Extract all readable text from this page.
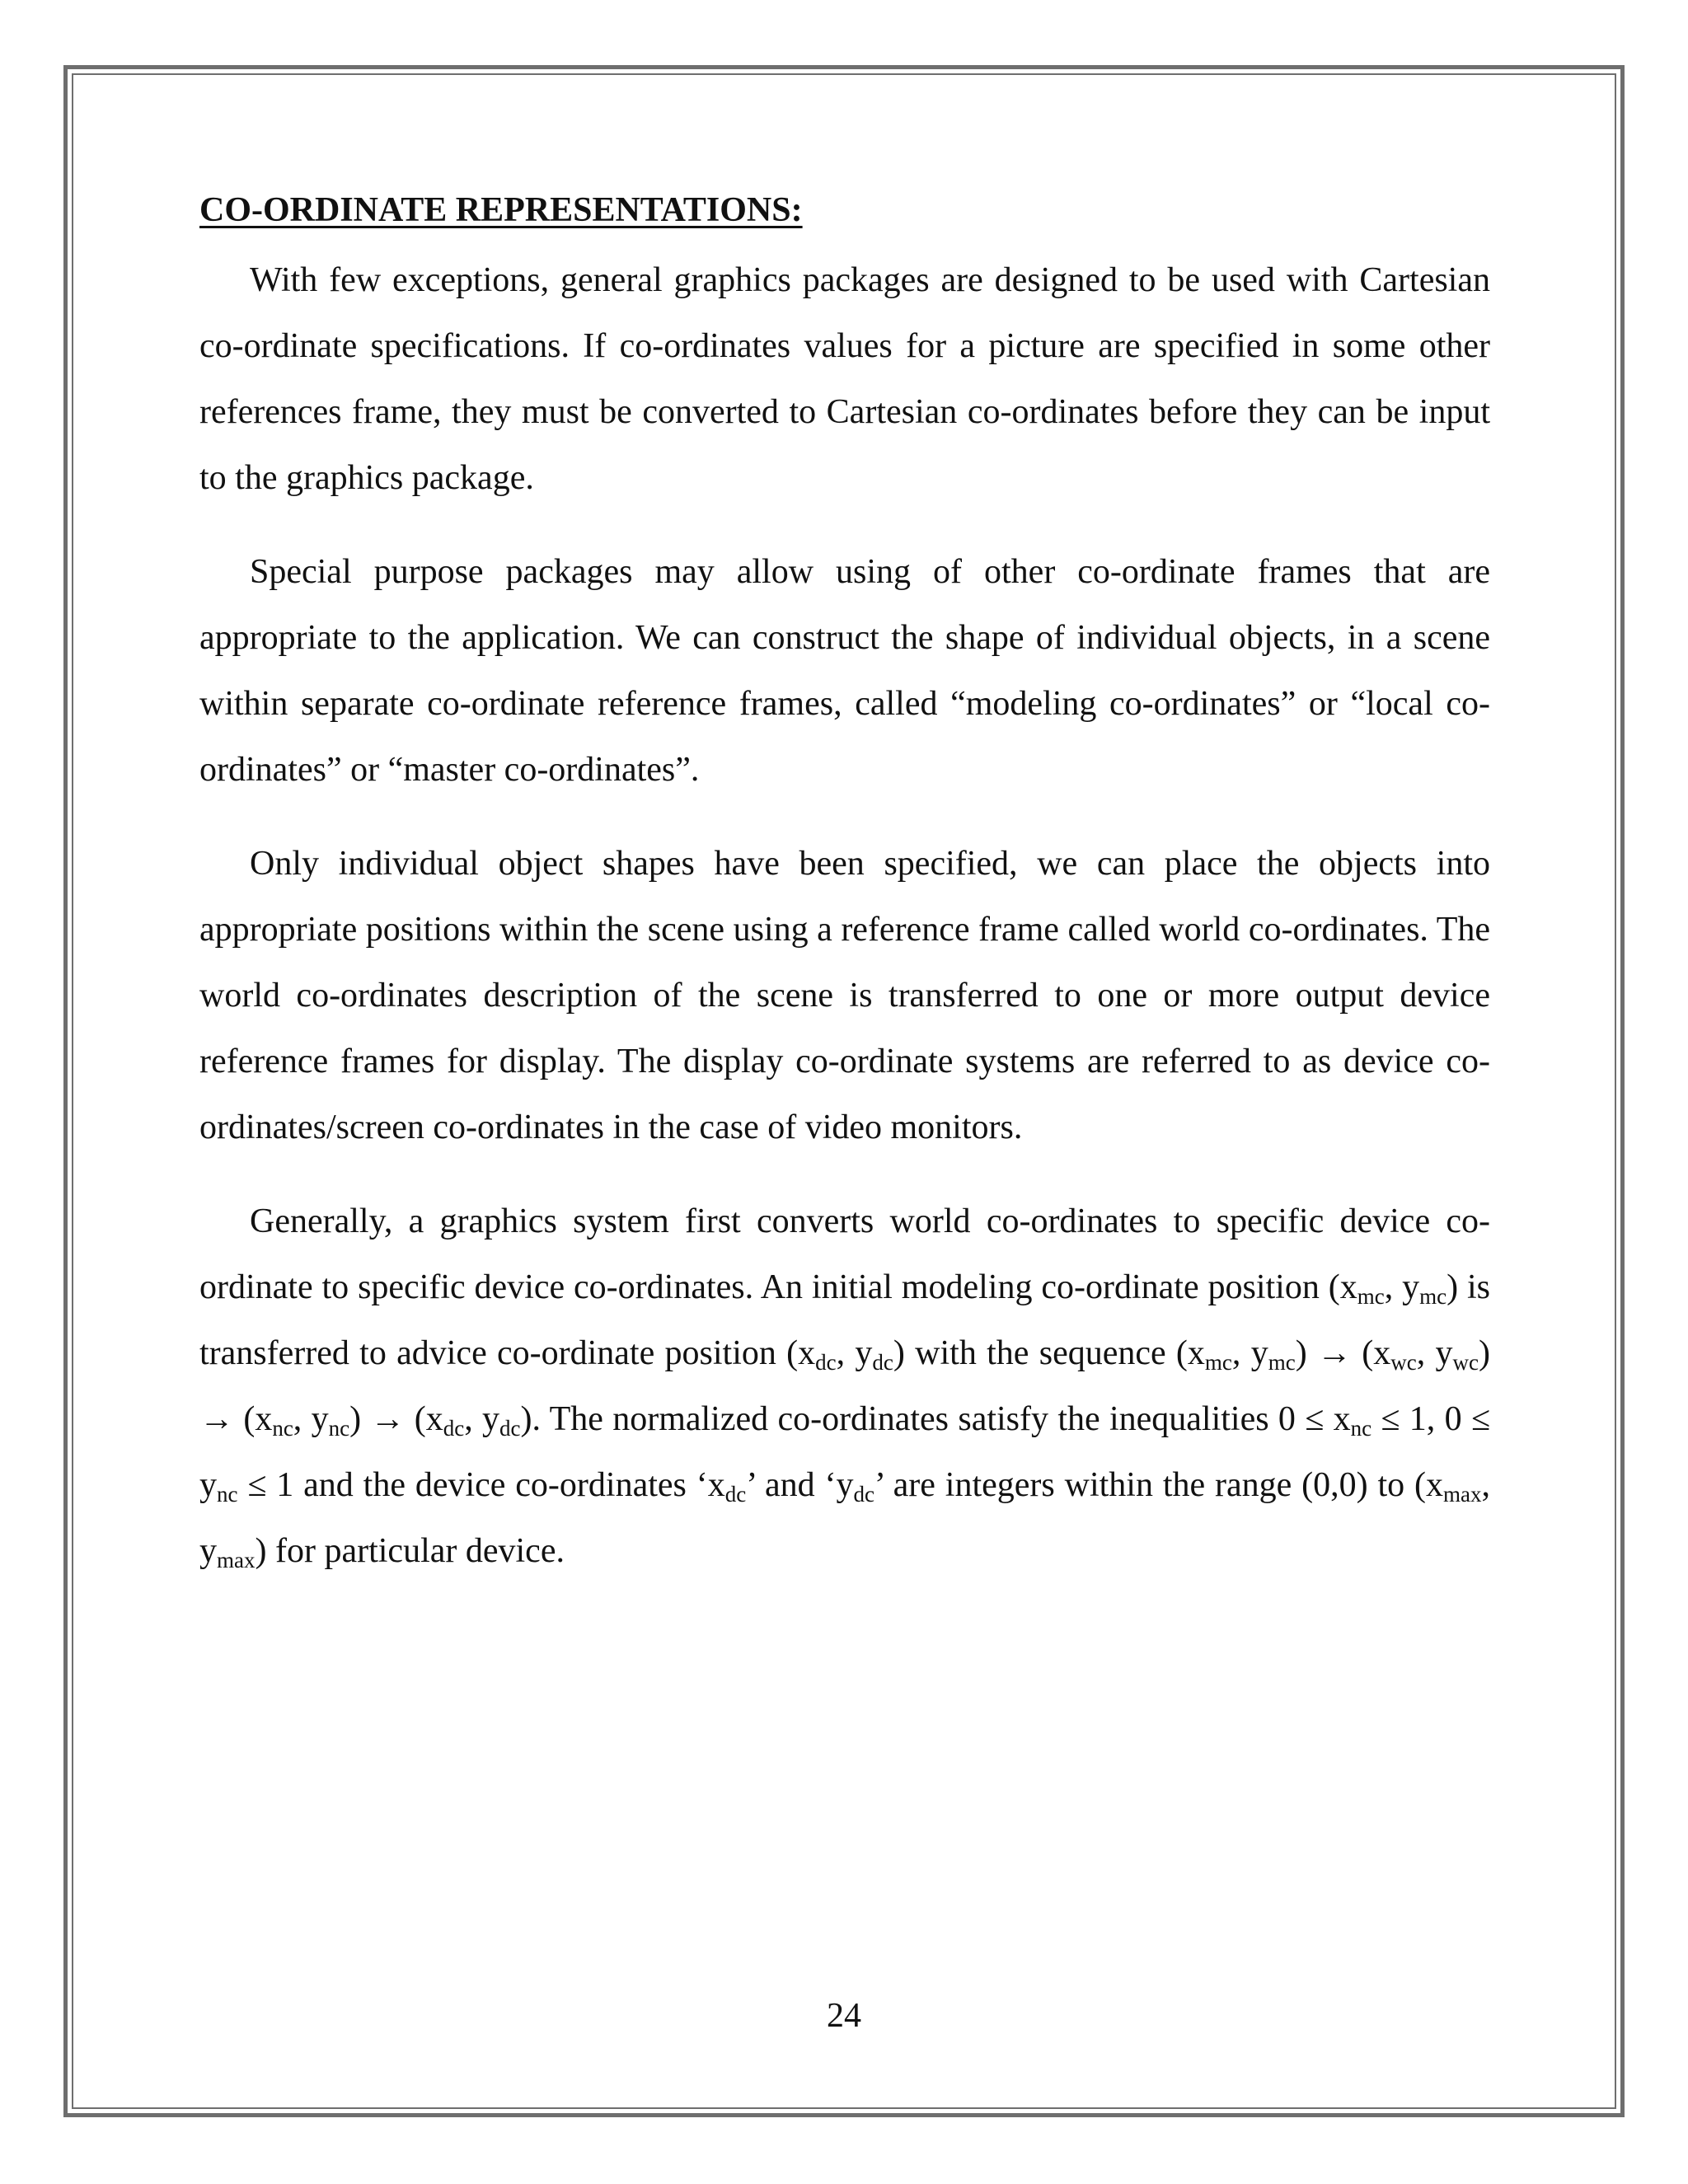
CO-ORDINATE REPRESENTATIONS:

With few exceptions, general graphics packages are designed to be used with Cartesian co-ordinate specifications. If co-ordinates values for a picture are specified in some other references frame, they must be converted to Cartesian co-ordinates before they can be input to the graphics package.

Special purpose packages may allow using of other co-ordinate frames that are appropriate to the application. We can construct the shape of individual objects, in a scene within separate co-ordinate reference frames, called “modeling co-ordinates” or “local co-ordinates” or “master co-ordinates”.

Only individual object shapes have been specified, we can place the objects into appropriate positions within the scene using a reference frame called world co-ordinates. The world co-ordinates description of the scene is transferred to one or more output device reference frames for display. The display co-ordinate systems are referred to as device co-ordinates/screen co-ordinates in the case of video monitors.

Generally, a graphics system first converts world co-ordinates to specific device co-ordinate to specific device co-ordinates. An initial modeling co-ordinate position ($x_{mc}$, $y_{mc}$) is transferred to advice co-ordinate position ($x_{dc}$, $y_{dc}$) with the sequence ($x_{mc}$, $y_{mc}) \to (x_{wc}$, $y_{wc}) \to (x_{nc}$, $y_{nc}) \to (x_{dc}$, $y_{dc}$). The normalized co-ordinates satisfy the inequalities $0 \le x_{nc} \le 1$, $0 \le y_{nc} \le 1$ and the device co-ordinates ‘$x_{dc}$’ and ‘$y_{dc}$’ are integers within the range (0,0) to ($x_{max}$, $y_{max}$) for particular device.

24
